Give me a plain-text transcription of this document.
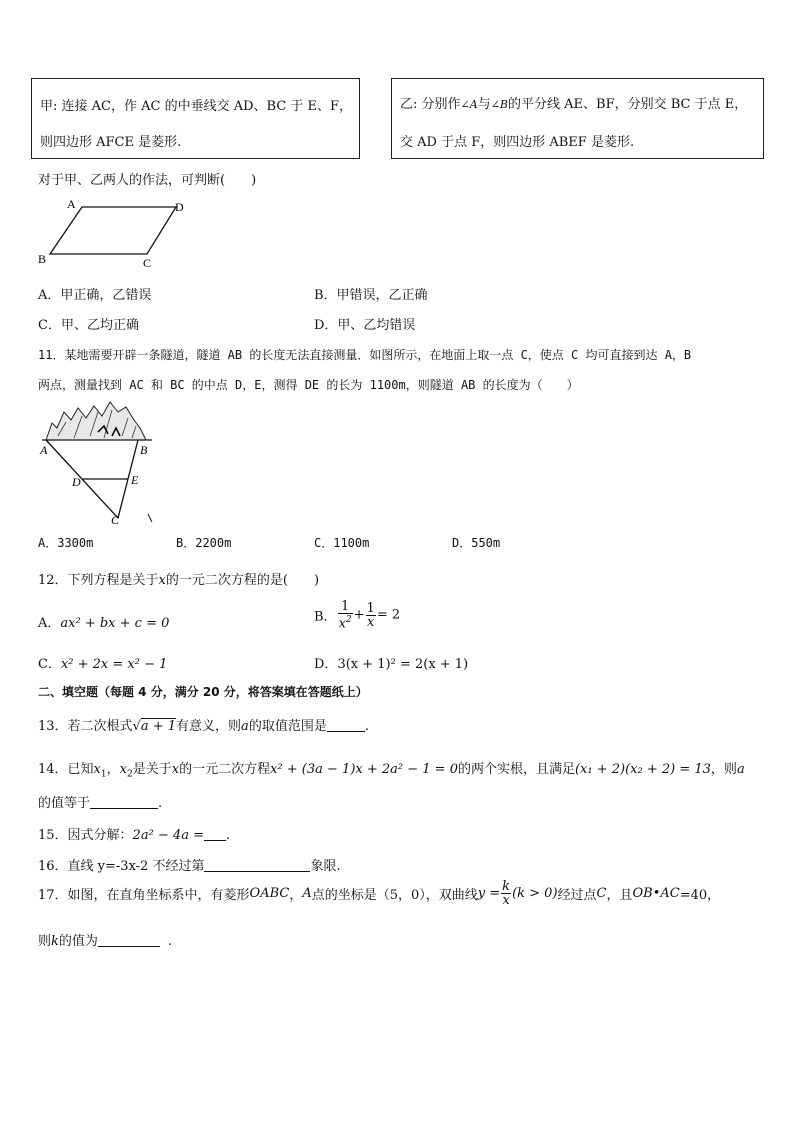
甲: 连接 AC，作 AC 的中垂线交 AD、BC 于 E、F，

则四边形 AFCE 是菱形.

乙: 分别作∠A与∠B的平分线 AE、BF，分别交 BC 于点 E，

交 AD 于点 F，则四边形 ABEF 是菱形.

对于甲、乙两人的作法，可判断(　　)
A	D
B	C
A．甲正确，乙错误	B．甲错误，乙正确
C．甲、乙均正确	D．甲、乙均错误
11．某地需要开辟一条隧道，隧道 AB 的长度无法直接测量．如图所示，在地面上取一点 C，使点 C 均可直接到达 A，B
两点，测量找到 AC 和 BC 的中点 D，E，测得 DE 的长为 1100m，则隧道 AB 的长度为（　　）
A	B
D	E
C
A．3300m	B．2200m	C．1100m	D．550m
12．下列方程是关于x的一元二次方程的是(　　)
A．ax² + bx + c = 0	B． $\frac{1}{x^2} + \frac{1}{x} = 2$
C．x² + 2x = x² − 1	D．3(x + 1)² = 2(x + 1)
二、填空题（每题 4 分，满分 20 分，将答案填在答题纸上）
13．若二次根式√a + 1有意义，则a的取值范围是	.
14．已知$x_1$，$x_2$是关于x的一元二次方程x² + (3a − 1)x + 2a² − 1 = 0的两个实根，且满足(x₁ + 2)(x₂ + 2) = 13，则a
的值等于	.
15．因式分解：2a² − 4a = .
16．直线 y=-3x-2 不经过第	象限.
17．如图，在直角坐标系中，有菱形OABC，A点的坐标是（5，0），双曲线$y = \frac{k}{x} (k > 0)$经过点C，且OB•AC=40，
则k的值为	.
